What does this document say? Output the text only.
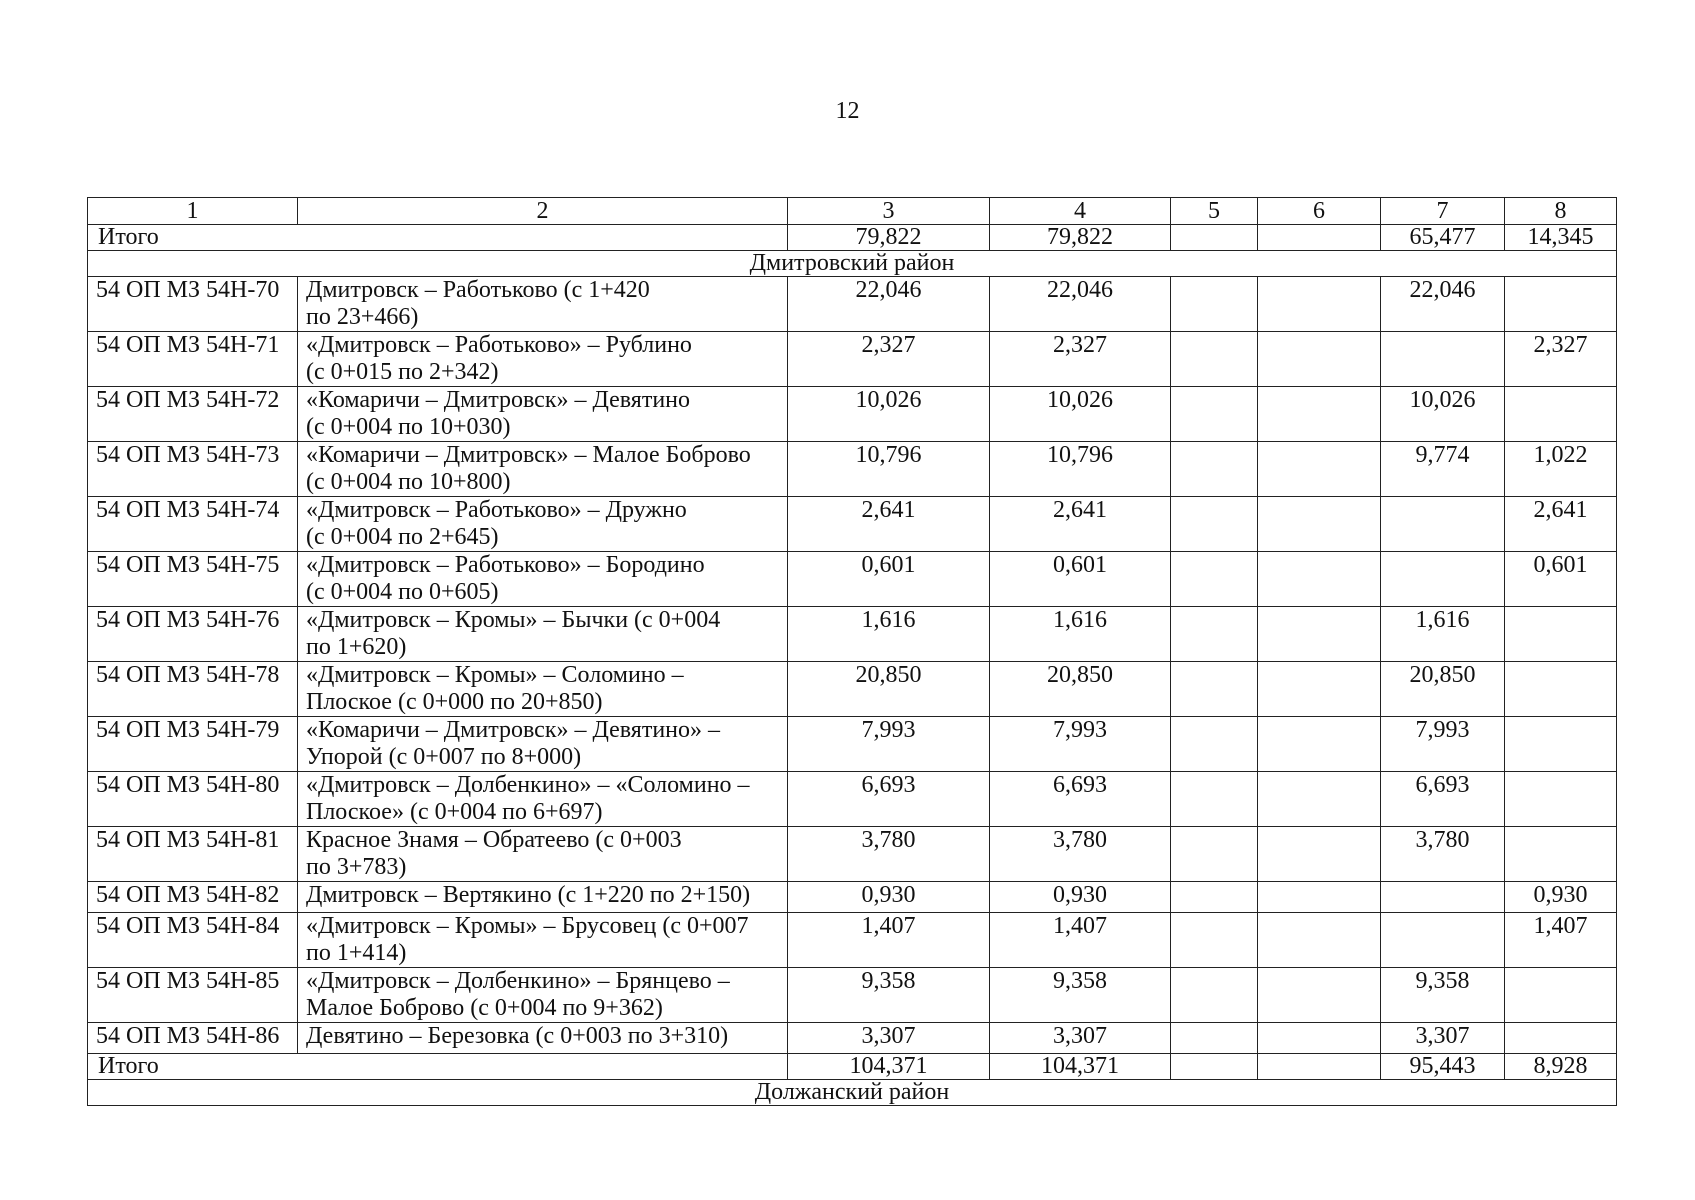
12
1	2	3	4	5	6	7	8
Итого		79,822	79,822			65,477	14,345
Дмитровский район							
54 ОП МЗ 54Н-70	Дмитровск – Работьково (с 1+420
по 23+466)	22,046	22,046			22,046	
54 ОП МЗ 54Н-71	«Дмитровск – Работьково» – Рублино
(с 0+015 по 2+342)	2,327	2,327				2,327
54 ОП МЗ 54Н-72	«Комаричи – Дмитровск» – Девятино
(с 0+004 по 10+030)	10,026	10,026			10,026	
54 ОП МЗ 54Н-73	«Комаричи – Дмитровск» – Малое Боброво
(с 0+004 по 10+800)	10,796	10,796			9,774	1,022
54 ОП МЗ 54Н-74	«Дмитровск – Работьково» – Дружно
(с 0+004 по 2+645)	2,641	2,641				2,641
54 ОП МЗ 54Н-75	«Дмитровск – Работьково» – Бородино
(с 0+004 по 0+605)	0,601	0,601				0,601
54 ОП МЗ 54Н-76	«Дмитровск – Кромы» – Бычки (с 0+004
по 1+620)	1,616	1,616			1,616	
54 ОП МЗ 54Н-78	«Дмитровск – Кромы» – Соломино –
Плоское (с 0+000 по 20+850)	20,850	20,850			20,850	
54 ОП МЗ 54Н-79	«Комаричи – Дмитровск» – Девятино» –
Упорой (с 0+007 по 8+000)	7,993	7,993			7,993	
54 ОП МЗ 54Н-80	«Дмитровск – Долбенкино» – «Соломино –
Плоское» (с 0+004 по 6+697)	6,693	6,693			6,693	
54 ОП МЗ 54Н-81	Красное Знамя – Обратеево (с 0+003
по 3+783)	3,780	3,780			3,780	
54 ОП МЗ 54Н-82	Дмитровск – Вертякино (с 1+220 по 2+150)	0,930	0,930				0,930
54 ОП МЗ 54Н-84	«Дмитровск – Кромы» – Брусовец (с 0+007
по 1+414)	1,407	1,407				1,407
54 ОП МЗ 54Н-85	«Дмитровск – Долбенкино» – Брянцево –
Малое Боброво (с 0+004 по 9+362)	9,358	9,358			9,358	
54 ОП МЗ 54Н-86	Девятино – Березовка (с 0+003 по 3+310)	3,307	3,307			3,307	
Итого		104,371	104,371			95,443	8,928
Должанский район							
